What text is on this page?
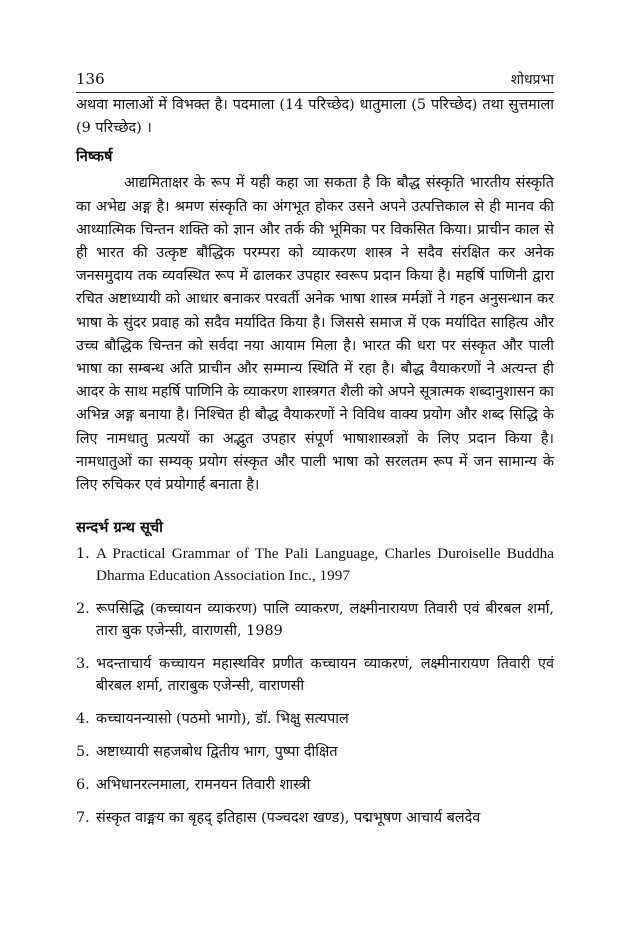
136	शोधप्रभा

अथवा मालाओं में विभक्त है। पदमाला (14 परिच्छेद) धातुमाला (5 परिच्छेद) तथा सुत्तमाला (9 परिच्छेद) ।

निष्कर्ष

आद्यमिताक्षर के रूप में यही कहा जा सकता है कि बौद्ध संस्कृति भारतीय संस्कृति का अभेद्य अङ्ग है। श्रमण संस्कृति का अंगभूत होकर उसने अपने उत्पत्तिकाल से ही मानव की आध्यात्मिक चिन्तन शक्ति को ज्ञान और तर्क की भूमिका पर विकसित किया। प्राचीन काल से ही भारत की उत्कृष्ट बौद्धिक परम्परा को व्याकरण शास्त्र ने सदैव संरक्षित कर अनेक जनसमुदाय तक व्यवस्थित रूप में ढालकर उपहार स्वरूप प्रदान किया है। महर्षि पाणिनी द्वारा रचित अष्टाध्यायी को आधार बनाकर परवर्ती अनेक भाषा शास्त्र मर्मज्ञों ने गहन अनुसन्धान कर भाषा के सुंदर प्रवाह को सदैव मर्यादित किया है। जिससे समाज में एक मर्यादित साहित्य और उच्च बौद्धिक चिन्तन को सर्वदा नया आयाम मिला है। भारत की धरा पर संस्कृत और पाली भाषा का सम्बन्ध अति प्राचीन और सम्मान्य स्थिति में रहा है। बौद्ध वैयाकरणों ने अत्यन्त ही आदर के साथ महर्षि पाणिनि के व्याकरण शास्त्रगत शैली को अपने सूत्रात्मक शब्दानुशासन का अभिन्न अङ्ग बनाया है। निश्चित ही बौद्ध वैयाकरणों ने विविध वाक्य प्रयोग और शब्द सिद्धि के लिए नामधातु प्रत्ययों का अद्भुत उपहार संपूर्ण भाषाशास्त्रज्ञों के लिए प्रदान किया है। नामधातुओं का सम्यक् प्रयोग संस्कृत और पाली भाषा को सरलतम रूप में जन सामान्य के लिए रुचिकर एवं प्रयोगार्ह बनाता है।

सन्दर्भ ग्रन्थ सूची
1. A Practical Grammar of The Pali Language, Charles Duroiselle Buddha Dharma Education Association Inc., 1997
2. रूपसिद्धि (कच्चायन व्याकरण) पालि व्याकरण, लक्ष्मीनारायण तिवारी एवं बीरबल शर्मा, तारा बुक एजेन्सी, वाराणसी, 1989
3. भदन्ताचार्य कच्चायन महास्थविर प्रणीत कच्चायन व्याकरणं, लक्ष्मीनारायण तिवारी एवं बीरबल शर्मा, ताराबुक एजेन्सी, वाराणसी
4. कच्चायनन्यासो (पठमो भागो), डॉ. भिक्षु सत्यपाल
5. अष्टाध्यायी सहजबोध द्वितीय भाग, पुष्पा दीक्षित
6. अभिधानरत्नमाला, रामनयन तिवारी शास्त्री
7. संस्कृत वाङ्मय का बृहद् इतिहास (पञ्चदश खण्ड), पद्मभूषण आचार्य बलदेव
